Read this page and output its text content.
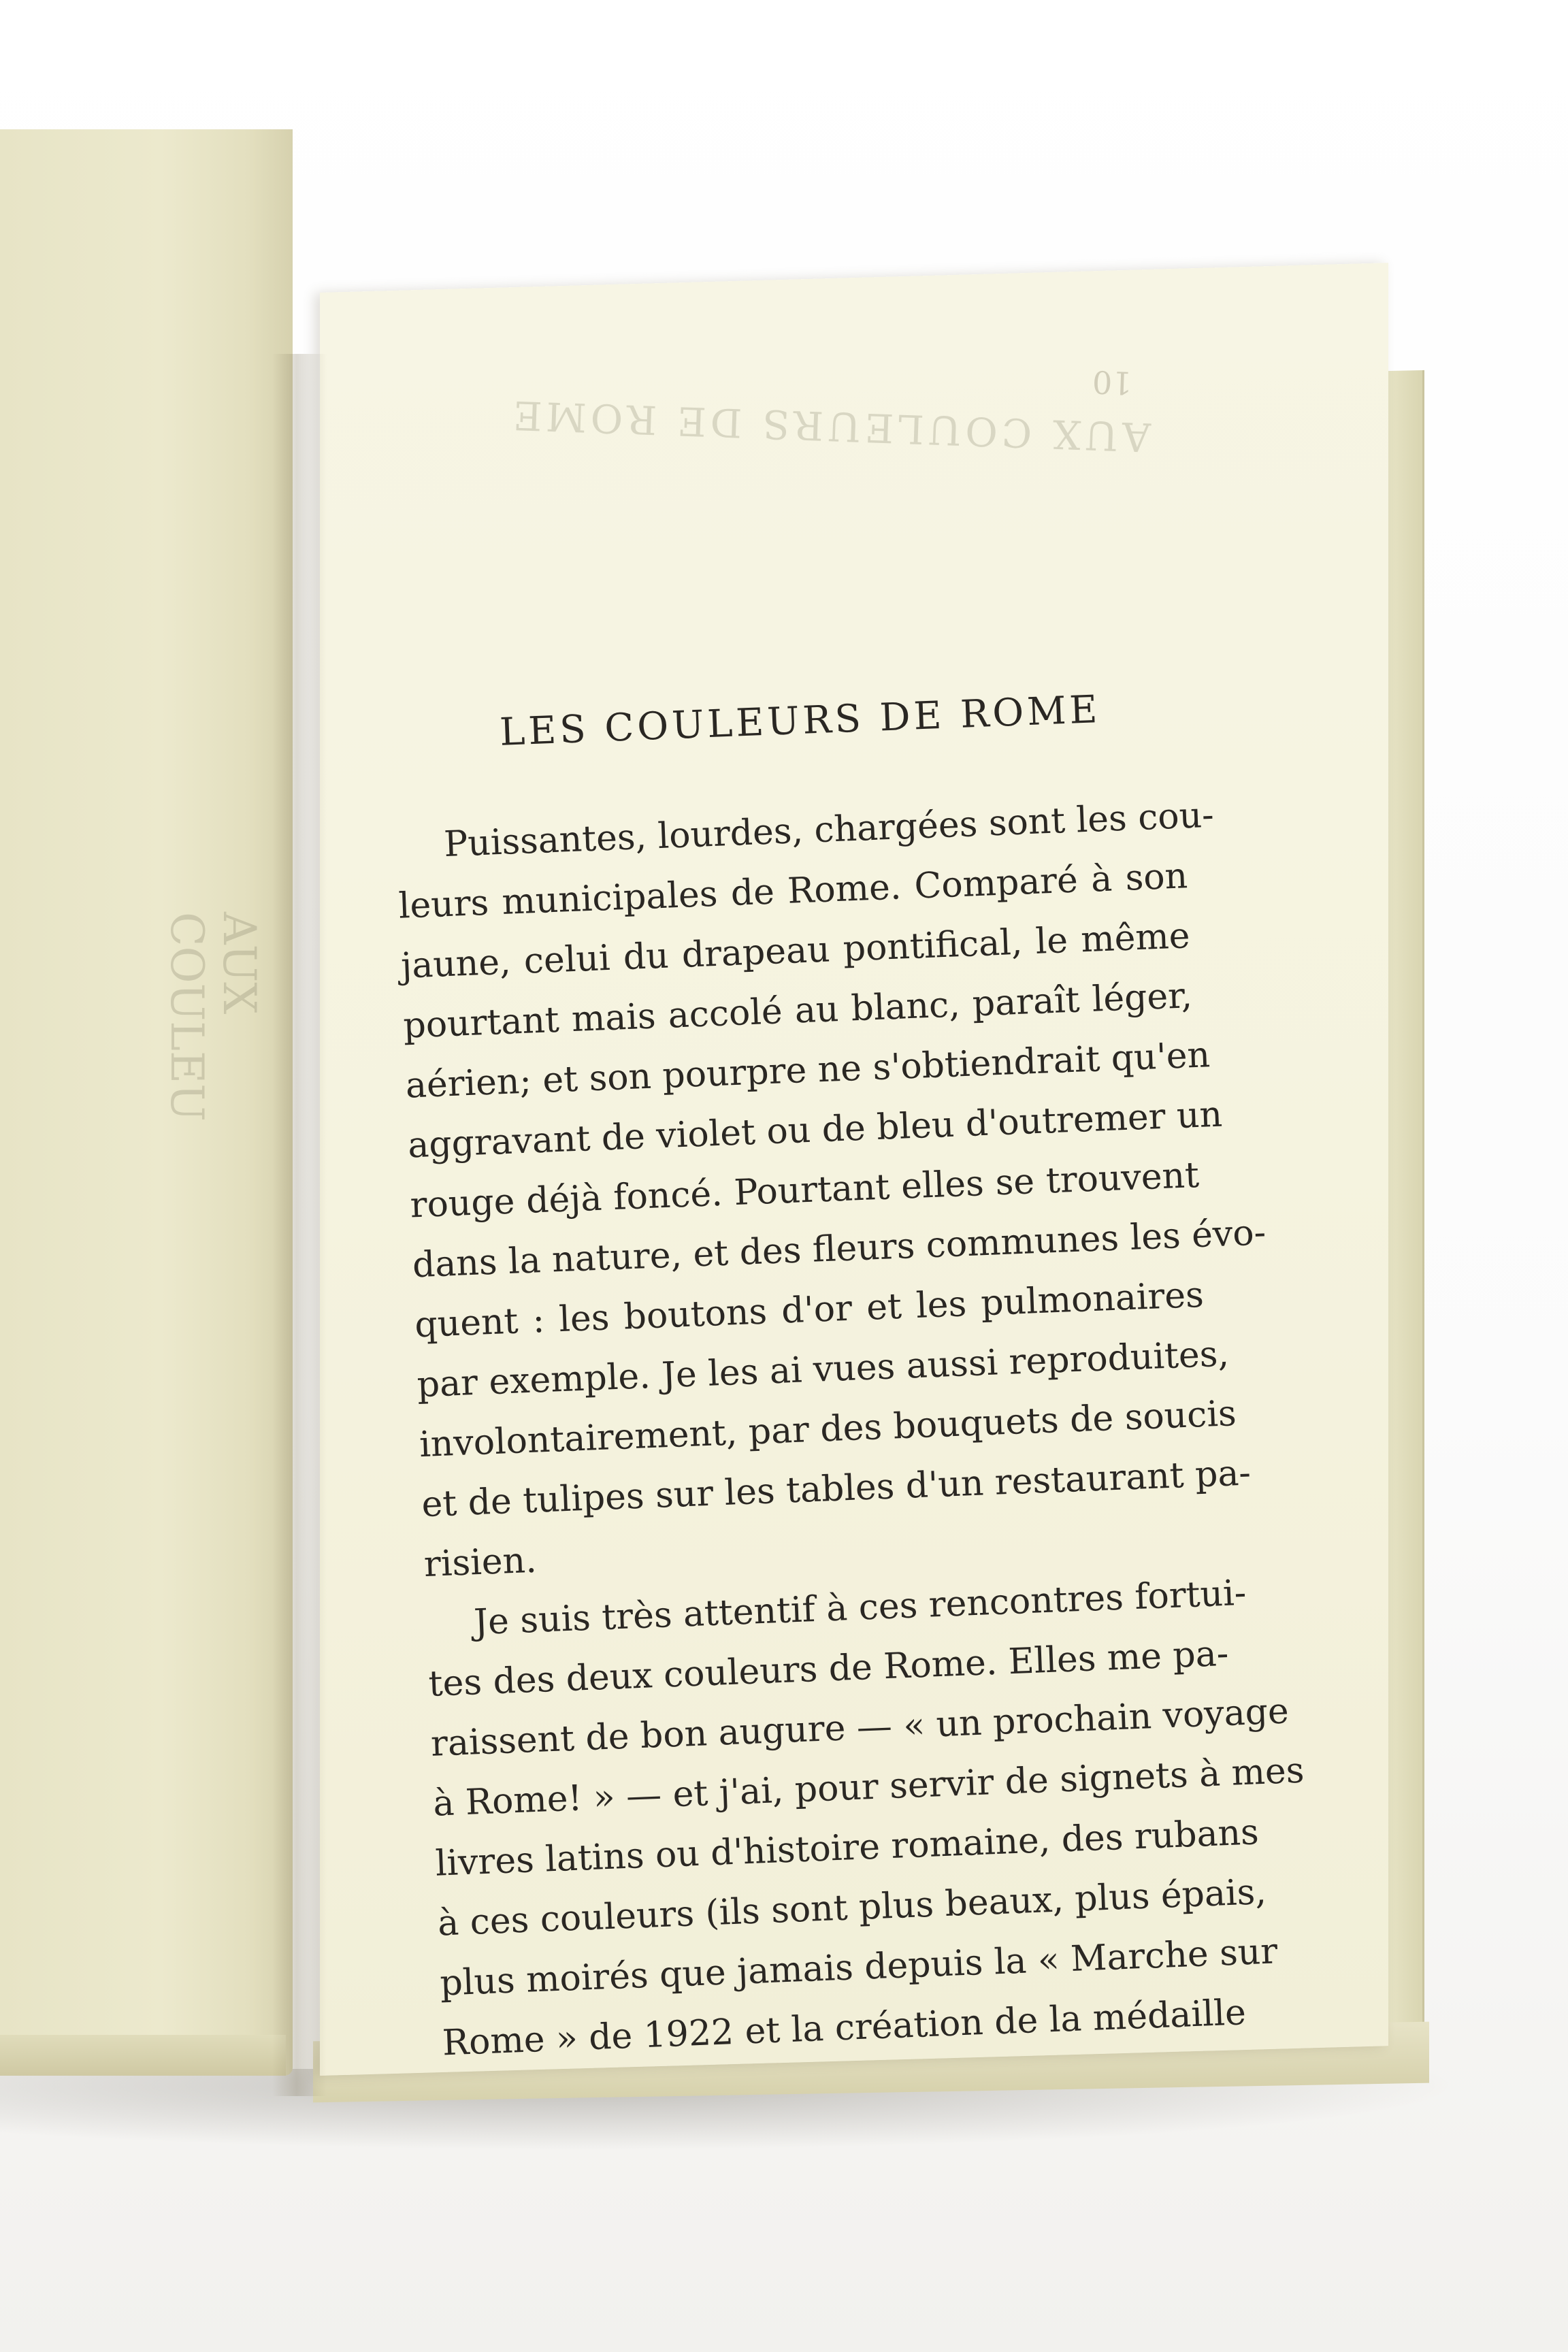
AUX COULEU
AUX COULEURS DE ROME
10
LES COULEURS DE ROME
Puissantes, lourdes, chargées sont les cou-
leurs municipales de Rome. Comparé à son
jaune, celui du drapeau pontifical, le même
pourtant mais accolé au blanc, paraît léger,
aérien; et son pourpre ne s'obtiendrait qu'en
aggravant de violet ou de bleu d'outremer un
rouge déjà foncé. Pourtant elles se trouvent
dans la nature, et des fleurs communes les évo-
quent : les boutons d'or et les pulmonaires
par exemple. Je les ai vues aussi reproduites,
involontairement, par des bouquets de soucis
et de tulipes sur les tables d'un restaurant pa-
risien.
Je suis très attentif à ces rencontres fortui-
tes des deux couleurs de Rome. Elles me pa-
raissent de bon augure — « un prochain voyage
à Rome! » — et j'ai, pour servir de signets à mes
livres latins ou d'histoire romaine, des rubans
à ces couleurs (ils sont plus beaux, plus épais,
plus moirés que jamais depuis la « Marche sur
Rome » de 1922 et la création de la médaille
